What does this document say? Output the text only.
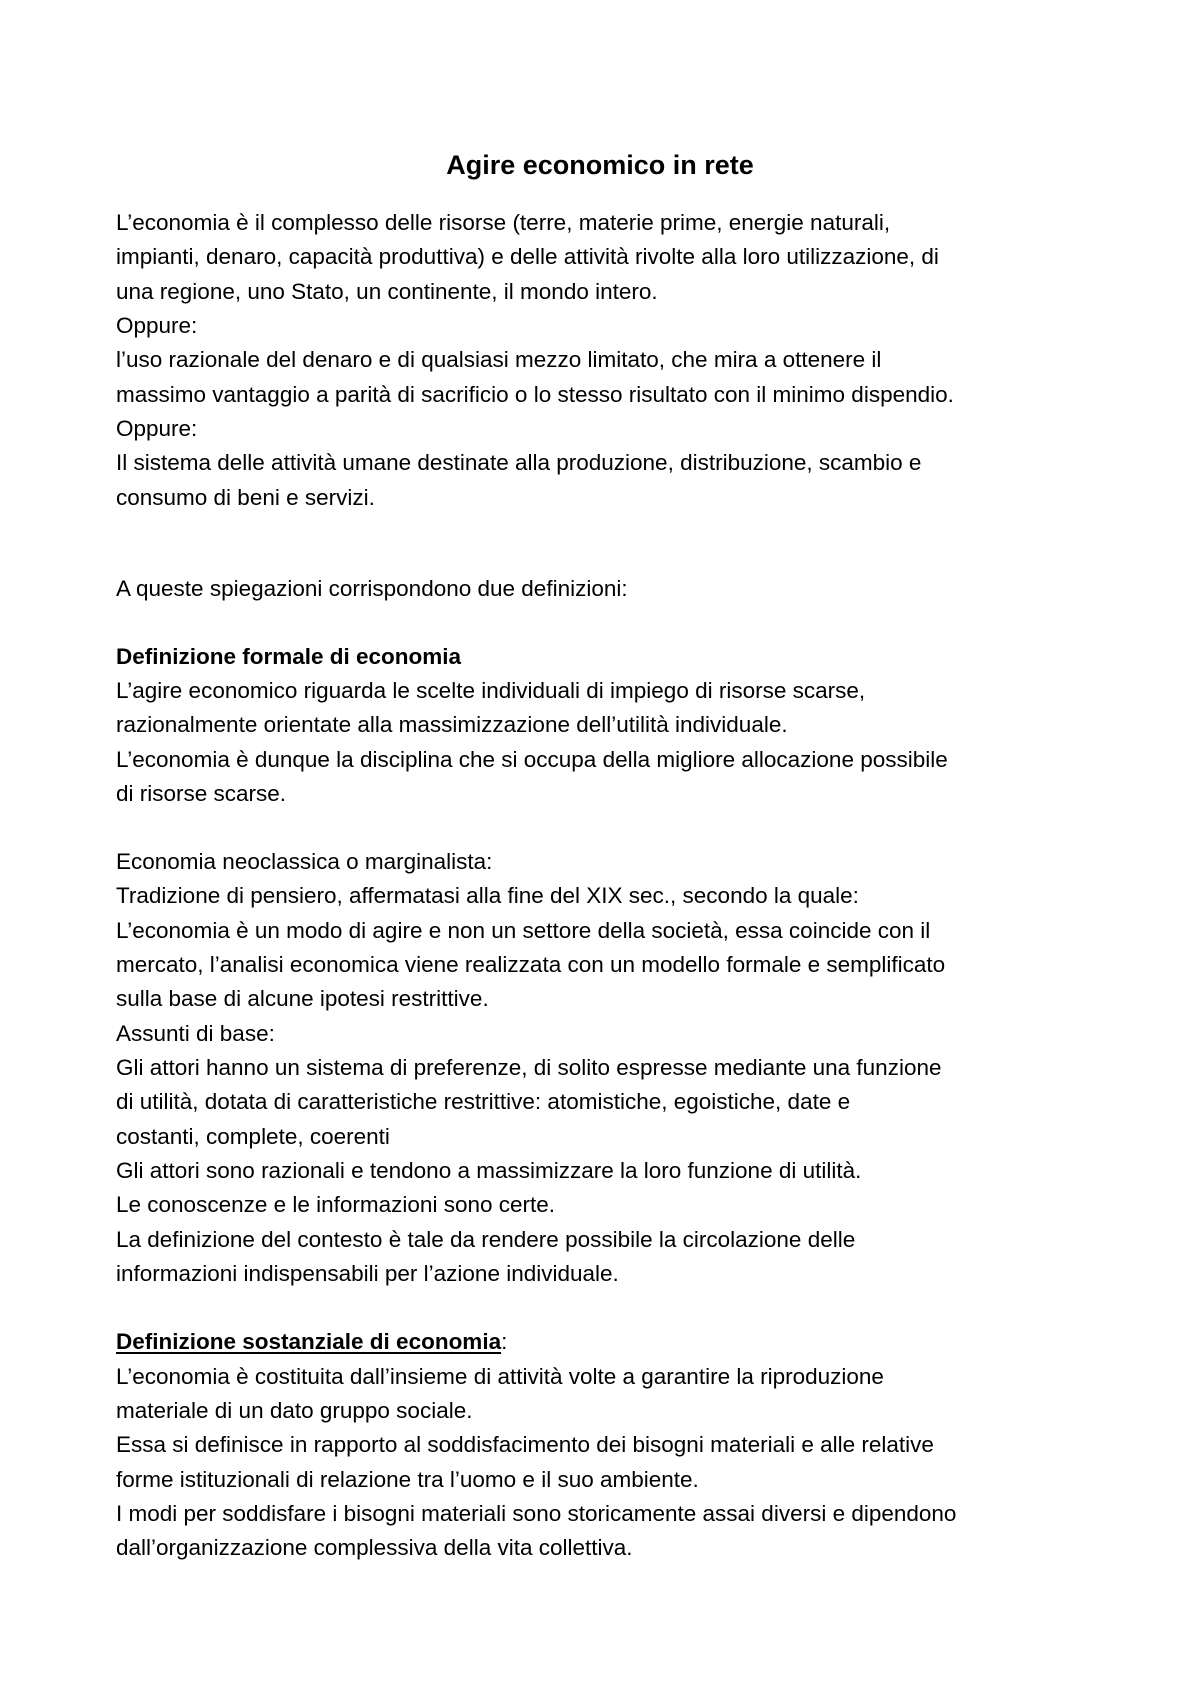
Agire economico in rete
L’economia è il complesso delle risorse (terre, materie prime, energie naturali,
impianti, denaro, capacità produttiva) e delle attività rivolte alla loro utilizzazione, di
una regione, uno Stato, un continente, il mondo intero.
Oppure:
l’uso razionale del denaro e di qualsiasi mezzo limitato, che mira a ottenere il
massimo vantaggio a parità di sacrificio o lo stesso risultato con il minimo dispendio.
Oppure:
Il sistema delle attività umane destinate alla produzione, distribuzione, scambio e
consumo di beni e servizi.
A queste spiegazioni corrispondono due definizioni:
Definizione formale di economia
L’agire economico riguarda le scelte individuali di impiego di risorse scarse,
razionalmente orientate alla massimizzazione dell’utilità individuale.
L’economia è dunque la disciplina che si occupa della migliore allocazione possibile
di risorse scarse.
Economia neoclassica o marginalista:
Tradizione di pensiero, affermatasi alla fine del XIX sec., secondo la quale:
L’economia è un modo di agire e non un settore della società, essa coincide con il
mercato, l’analisi economica viene realizzata con un modello formale e semplificato
sulla base di alcune ipotesi restrittive.
Assunti di base:
Gli attori hanno un sistema di preferenze, di solito espresse mediante una funzione
di utilità, dotata di caratteristiche restrittive: atomistiche, egoistiche, date e
costanti, complete, coerenti
Gli attori sono razionali e tendono a massimizzare la loro funzione di utilità.
Le conoscenze e le informazioni sono certe.
La definizione del contesto è tale da rendere possibile la circolazione delle
informazioni indispensabili per l’azione individuale.
Definizione sostanziale di economia:
L’economia è costituita dall’insieme di attività volte a garantire la riproduzione
materiale di un dato gruppo sociale.
Essa si definisce in rapporto al soddisfacimento dei bisogni materiali e alle relative
forme istituzionali di relazione tra l’uomo e il suo ambiente.
I modi per soddisfare i bisogni materiali sono storicamente assai diversi e dipendono
dall’organizzazione complessiva della vita collettiva.
